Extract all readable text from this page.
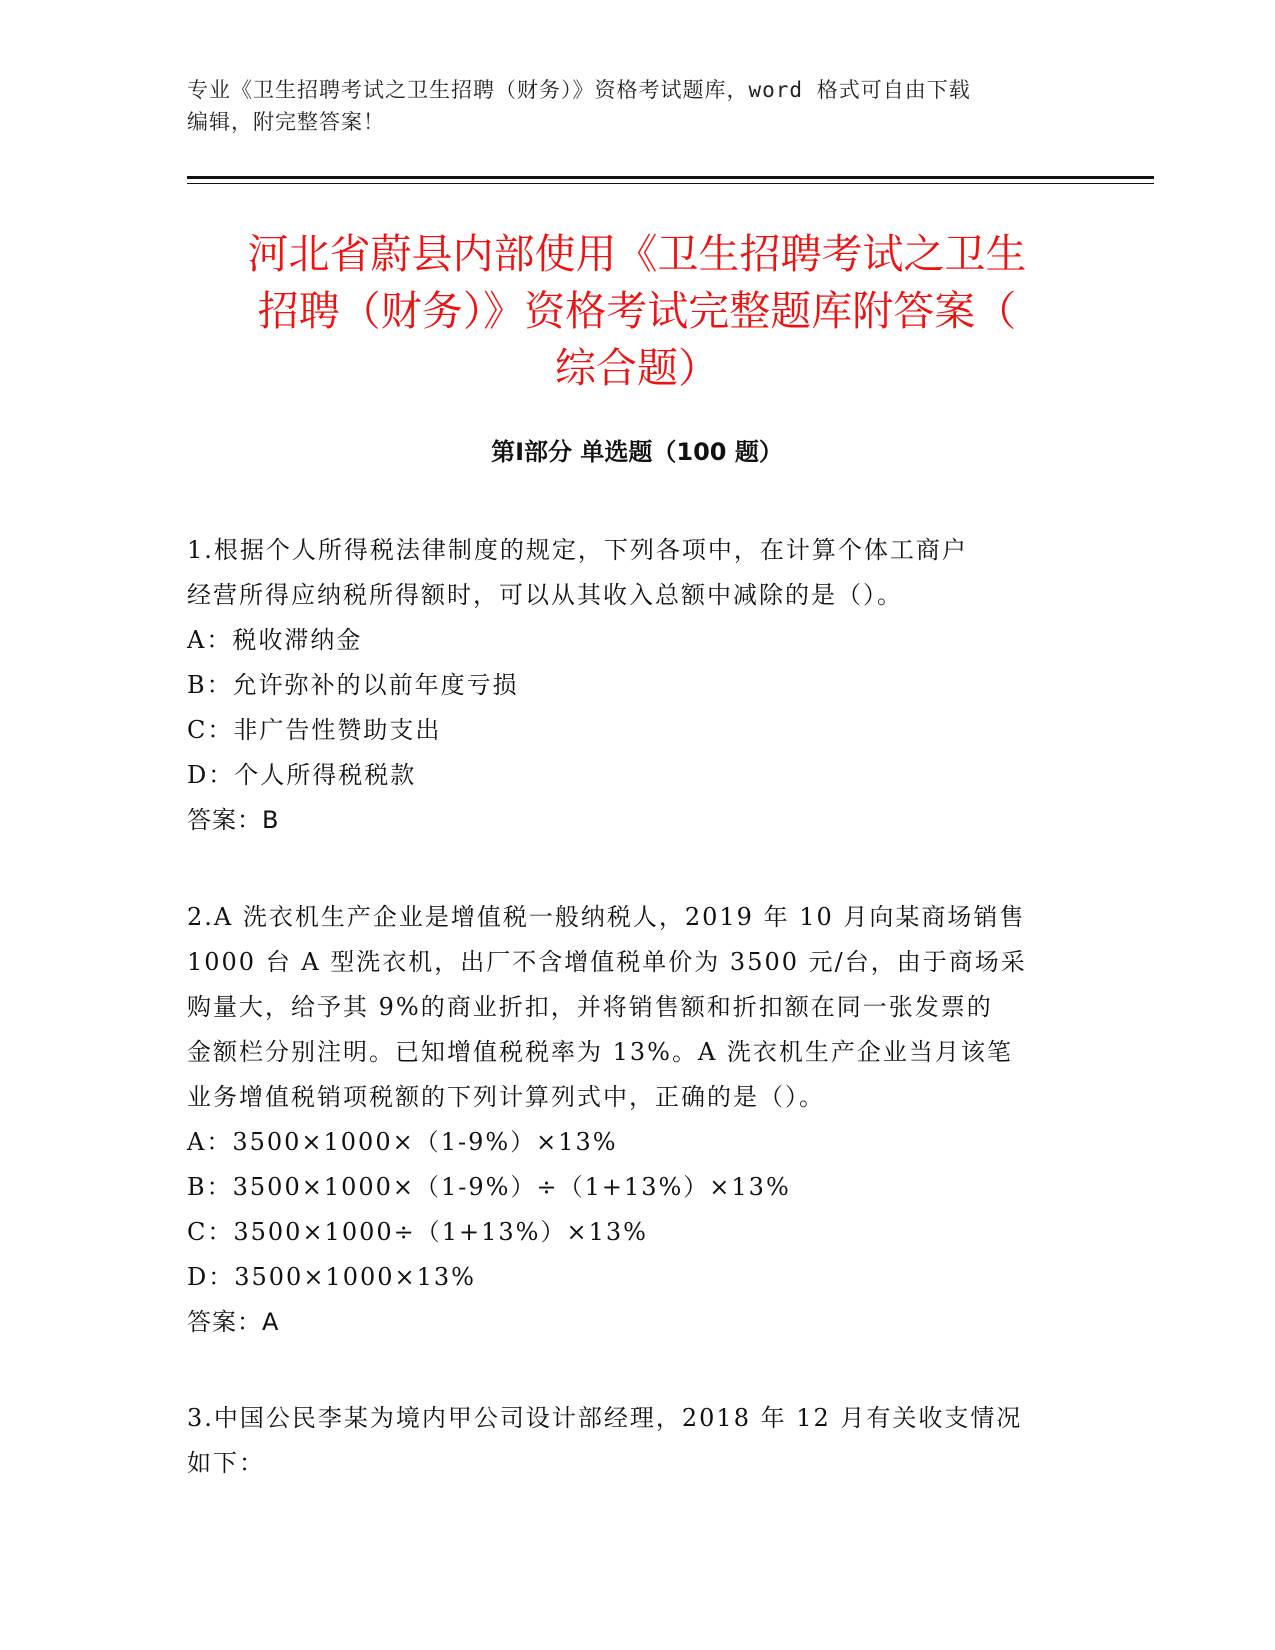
专业《卫生招聘考试之卫生招聘（财务）》资格考试题库，word 格式可自由下载
编辑，附完整答案！
河北省蔚县内部使用《卫生招聘考试之卫生
招聘（财务）》资格考试完整题库附答案（
综合题）
第Ⅰ部分 单选题（100 题）

1.根据个人所得税法律制度的规定，下列各项中，在计算个体工商户

经营所得应纳税所得额时，可以从其收入总额中减除的是（）。

A：税收滞纳金

B：允许弥补的以前年度亏损

C：非广告性赞助支出

D：个人所得税税款

答案：B

2.A 洗衣机生产企业是增值税一般纳税人，2019 年 10 月向某商场销售

1000 台 A 型洗衣机，出厂不含增值税单价为 3500 元/台，由于商场采

购量大，给予其 9%的商业折扣，并将销售额和折扣额在同一张发票的

金额栏分别注明。已知增值税税率为 13%。A 洗衣机生产企业当月该笔

业务增值税销项税额的下列计算列式中，正确的是（）。

A：3500×1000×（1-9%）×13%

B：3500×1000×（1-9%）÷（1+13%）×13%

C：3500×1000÷（1+13%）×13%

D：3500×1000×13%

答案：A

3.中国公民李某为境内甲公司设计部经理，2018 年 12 月有关收支情况

如下：
